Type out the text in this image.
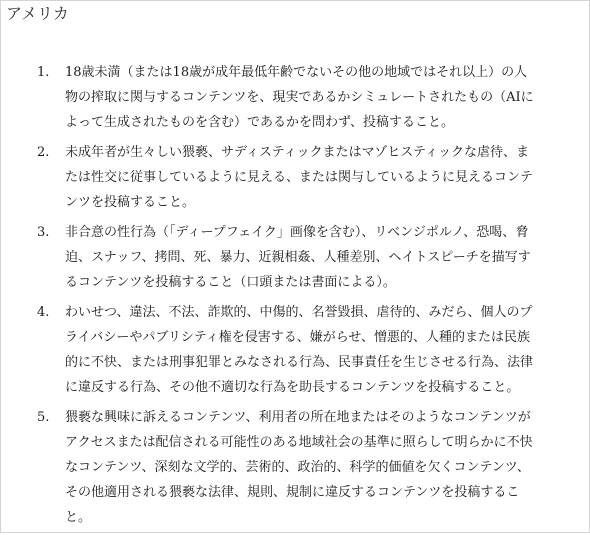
アメリカ
1. 18歳未満（または18歳が成年最低年齢でないその他の地域ではそれ以上）の人物の搾取に関与するコンテンツを、現実であるかシミュレートされたもの（AIによって生成されたものを含む）であるかを問わず、投稿すること。
2. 未成年者が生々しい猥褻、サディスティックまたはマゾヒスティックな虐待、または性交に従事しているように見える、または関与しているように見えるコンテンツを投稿すること。
3. 非合意の性行為（「ディープフェイク」画像を含む）、リベンジポルノ、恐喝、脅迫、スナッフ、拷問、死、暴力、近親相姦、人種差別、ヘイトスピーチを描写するコンテンツを投稿すること（口頭または書面による）。
4. わいせつ、違法、不法、詐欺的、中傷的、名誉毀損、虐待的、みだら、個人のプライバシーやパブリシティ権を侵害する、嫌がらせ、憎悪的、人種的または民族的に不快、または刑事犯罪とみなされる行為、民事責任を生じさせる行為、法律に違反する行為、その他不適切な行為を助長するコンテンツを投稿すること。
5. 猥褻な興味に訴えるコンテンツ、利用者の所在地またはそのようなコンテンツがアクセスまたは配信される可能性のある地域社会の基準に照らして明らかに不快なコンテンツ、深刻な文学的、芸術的、政治的、科学的価値を欠くコンテンツ、その他適用される猥褻な法律、規則、規制に違反するコンテンツを投稿すること。
